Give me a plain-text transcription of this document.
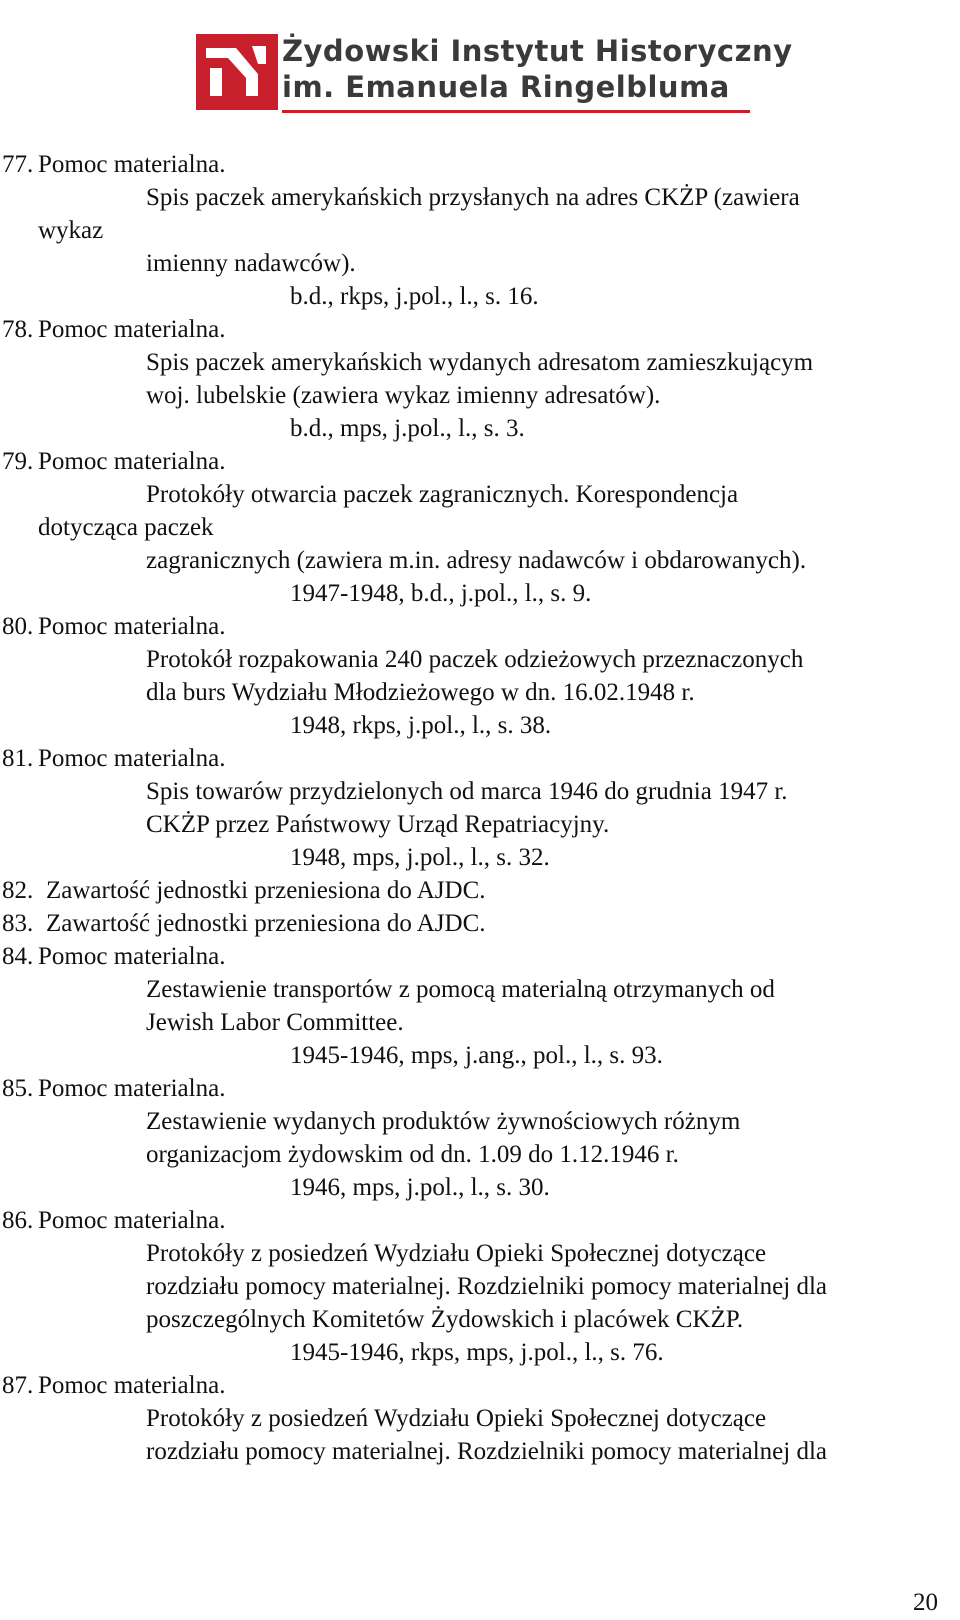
Żydowski Instytut Historyczny
im. Emanuela Ringelbluma
77. Pomoc materialna.
Spis paczek amerykańskich przysłanych na adres CKŻP (zawiera
wykaz
imienny nadawców).
b.d., rkps, j.pol., l., s. 16.
78. Pomoc materialna.
Spis paczek amerykańskich wydanych adresatom zamieszkującym
woj. lubelskie (zawiera wykaz imienny adresatów).
b.d., mps, j.pol., l., s. 3.
79. Pomoc materialna.
Protokóły otwarcia paczek zagranicznych. Korespondencja
dotycząca paczek
zagranicznych (zawiera m.in. adresy nadawców i obdarowanych).
1947-1948, b.d., j.pol., l., s. 9.
80. Pomoc materialna.
Protokół rozpakowania 240 paczek odzieżowych przeznaczonych
dla burs Wydziału Młodzieżowego w dn. 16.02.1948 r.
1948, rkps, j.pol., l., s. 38.
81. Pomoc materialna.
Spis towarów przydzielonych od marca 1946 do grudnia 1947 r.
CKŻP przez Państwowy Urząd Repatriacyjny.
1948, mps, j.pol., l., s. 32.
82. Zawartość jednostki przeniesiona do AJDC.
83. Zawartość jednostki przeniesiona do AJDC.
84. Pomoc materialna.
Zestawienie transportów z pomocą materialną otrzymanych od
Jewish Labor Committee.
1945-1946, mps, j.ang., pol., l., s. 93.
85. Pomoc materialna.
Zestawienie wydanych produktów żywnościowych różnym
organizacjom żydowskim od dn. 1.09 do 1.12.1946 r.
1946, mps, j.pol., l., s. 30.
86. Pomoc materialna.
Protokóły z posiedzeń Wydziału Opieki Społecznej dotyczące
rozdziału pomocy materialnej. Rozdzielniki pomocy materialnej dla
poszczególnych Komitetów Żydowskich i placówek CKŻP.
1945-1946, rkps, mps, j.pol., l., s. 76.
87. Pomoc materialna.
Protokóły z posiedzeń Wydziału Opieki Społecznej dotyczące
rozdziału pomocy materialnej. Rozdzielniki pomocy materialnej dla
20
